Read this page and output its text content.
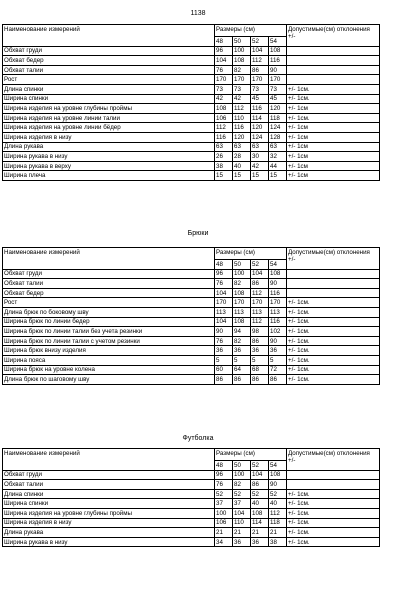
1138
Наименование измерений	Размеры (см)				Допустимые(см) отклонения +/-
	48	50	52	54	
Обхват груди	96	100	104	108	
Обхват бедер	104	108	112	116	
Обхват талии	76	82	86	90	
Рост	170	170	170	170	
Длина спинки	73	73	73	73	+/- 1см.
Ширина спинки	42	42	45	45	+/- 1см.
Ширина изделия на уровне глубины проймы	108	112	116	120	+/- 1см
Ширина изделия на уровне линии талии	106	110	114	118	+/- 1см.
Ширина изделия на уровне линии бёдер	112	116	120	124	+/- 1см
Ширина изделия в низу	116	120	124	128	+/- 1см
Длина рукава	63	63	63	63	+/- 1см
Ширина рукава в низу	26	28	30	32	+/- 1см
Ширина рукава в верху	38	40	42	44	+/- 1см
Ширина плеча	15	15	15	15	+/- 1см
Брюки
Наименование измерений	Размеры (см)				Допустимые(см) отклонения +/-
	48	50	52	54	
Обхват груди	96	100	104	108	
Обхват талии	76	82	86	90	
Обхват бедер	104	108	112	116	
Рост	170	170	170	170	+/- 1см.
Длина брюк по боковому шву	113	113	113	113	+/- 1см.
Ширина брюк по линии бедер	104	108	112	116	+/- 1см.
Ширина брюк по линии талии без учета резинки	90	94	98	102	+/- 1см.
Ширина брюк по линии талии с учетом резинки	76	82	86	90	+/- 1см.
Ширина брюк внизу изделия	36	36	36	36	+/- 1см.
Ширина пояса	5	5	5	5	+/- 1см.
Ширина брюк на уровне колена	60	64	68	72	+/- 1см.
Длина брюк по шаговому шву	86	86	86	86	+/- 1см.
Футболка
Наименование измерений	Размеры (см)				Допустимые(см) отклонения +/-
	48	50	52	54	
Обхват груди	96	100	104	108	
Обхват талии	76	82	86	90	
Длина спинки	52	52	52	52	+/- 1см.
Ширина спинки	37	37	40	40	+/- 1см.
Ширина изделия на уровне глубины проймы	100	104	108	112	+/- 1см.
Ширина изделия в низу	106	110	114	118	+/- 1см.
Длина рукава	21	21	21	21	+/- 1см.
Ширина рукава в низу	34	36	36	38	+/- 1см.
